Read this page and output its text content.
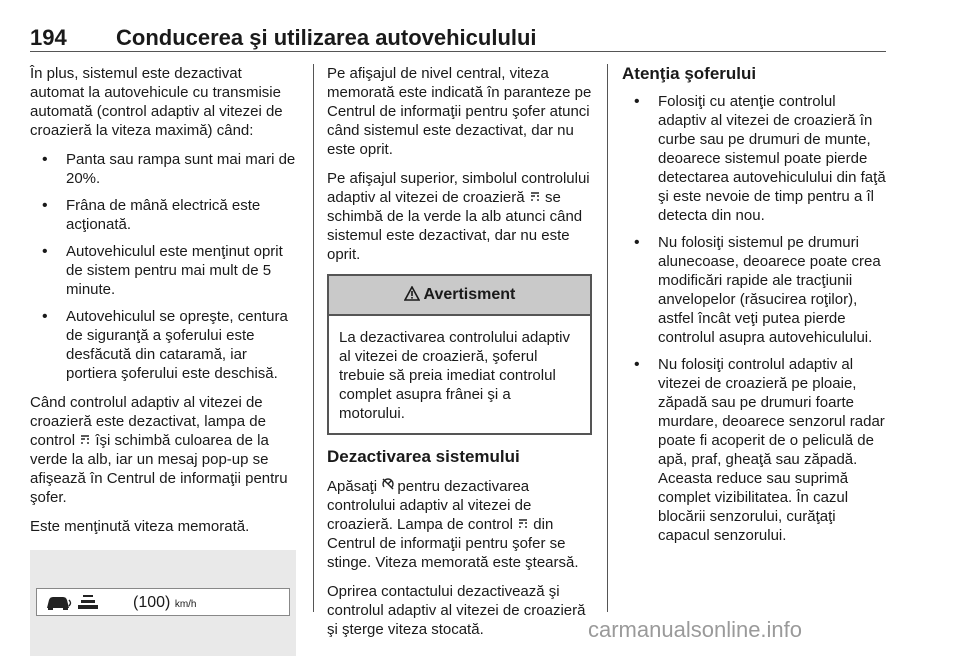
194 Conducerea şi utilizarea autovehiculului

În plus, sistemul este dezactivat automat la autovehicule cu transmisie automată (control adaptiv al vitezei de croazieră la viteza maximă) când:

• Panta sau rampa sunt mai mari de 20%.
• Frâna de mână electrică este acţionată.
• Autovehiculul este menţinut oprit de sistem pentru mai mult de 5 minute.
• Autovehiculul se opreşte, centura de siguranţă a şoferului este desfăcută din cataramă, iar portiera şoferului este deschisă.

Când controlul adaptiv al vitezei de croazieră este dezactivat, lampa de control îşi schimbă culoarea de la verde la alb, iar un mesaj pop-up se afişează în Centrul de informaţii pentru şofer.

Este menţinută viteza memorată.

(100) km/h

Pe afişajul de nivel central, viteza memorată este indicată în paranteze pe Centrul de informaţii pentru şofer atunci când sistemul este dezactivat, dar nu este oprit.

Pe afişajul superior, simbolul controlului adaptiv al vitezei de croazieră se schimbă de la verde la alb atunci când sistemul este dezactivat, dar nu este oprit.

Avertisment
La dezactivarea controlului adaptiv al vitezei de croazieră, şoferul trebuie să preia imediat controlul complet asupra frânei şi a motorului.
Dezactivarea sistemului

Apăsaţi pentru dezactivarea controlului adaptiv al vitezei de croazieră. Lampa de control din Centrul de informaţii pentru şofer se stinge. Viteza memorată este ştearsă.

Oprirea contactului dezactivează şi controlul adaptiv al vitezei de croazieră şi şterge viteza stocată.

Atenţia şoferului
• Folosiţi cu atenţie controlul adaptiv al vitezei de croazieră în curbe sau pe drumuri de munte, deoarece sistemul poate pierde detectarea autovehiculului din faţă şi este nevoie de timp pentru a îl detecta din nou.
• Nu folosiţi sistemul pe drumuri alunecoase, deoarece poate crea modificări rapide ale tracţiunii anvelopelor (răsucirea roţilor), astfel încât veţi putea pierde controlul asupra autovehiculului.
• Nu folosiţi controlul adaptiv al vitezei de croazieră pe ploaie, zăpadă sau pe drumuri foarte murdare, deoarece senzorul radar poate fi acoperit de o peliculă de apă, praf, gheaţă sau zăpadă. Aceasta reduce sau suprimă complet vizibilitatea. În cazul blocării senzorului, curăţaţi capacul senzorului.
carmanualsonline.info
